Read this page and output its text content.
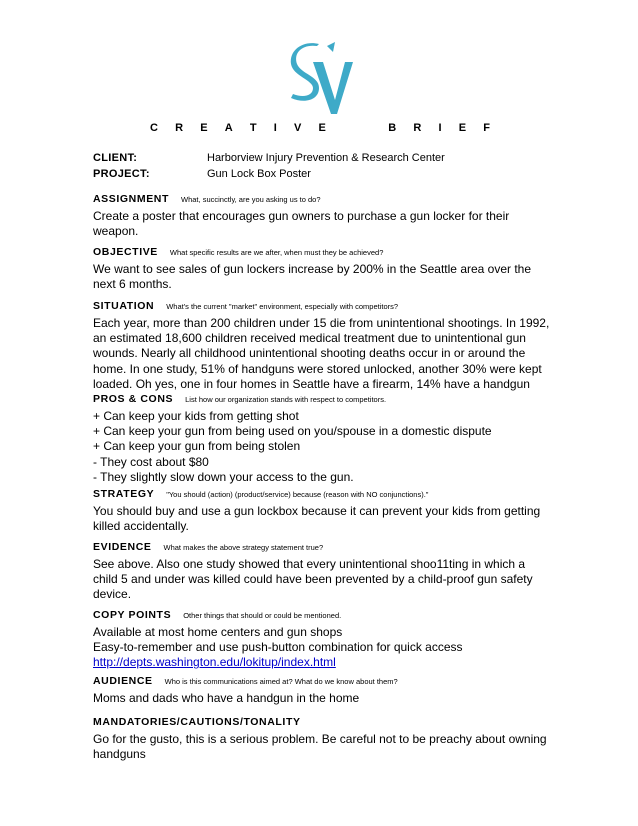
C R E A T I V E	B R I E F
CLIENT:	Harborview Injury Prevention & Research Center
PROJECT:	Gun Lock Box Poster
ASSIGNMENT What, succinctly, are you asking us to do?
Create a poster that encourages gun owners to purchase a gun locker for their
weapon.
OBJECTIVE What specific results are we after, when must they be achieved?
We want to see sales of gun lockers increase by 200% in the Seattle area over the
next 6 months.
SITUATION What's the current "market" environment, especially with competitors?
Each year, more than 200 children under 15 die from unintentional shootings. In 1992,
an estimated 18,600 children received medical treatment due to unintentional gun
wounds. Nearly all childhood unintentional shooting deaths occur in or around the
home. In one study, 51% of handguns were stored unlocked, another 30% were kept
loaded. Oh yes, one in four homes in Seattle have a firearm, 14% have a handgun
PROS & CONS List how our organization stands with respect to competitors.
+ Can keep your kids from getting shot
+ Can keep your gun from being used on you/spouse in a domestic dispute
+ Can keep your gun from being stolen
- They cost about $80
- They slightly slow down your access to the gun.
STRATEGY "You should (action) (product/service) because (reason with NO conjunctions)."
You should buy and use a gun lockbox because it can prevent your kids from getting
killed accidentally.
EVIDENCE What makes the above strategy statement true?
See above. Also one study showed that every unintentional shoo11ting in which a
child 5 and under was killed could have been prevented by a child-proof gun safety
device.
COPY POINTS Other things that should or could be mentioned.
Available at most home centers and gun shops
Easy-to-remember and use push-button combination for quick access
http://depts.washington.edu/lokitup/index.html
AUDIENCE Who is this communications aimed at? What do we know about them?
Moms and dads who have a handgun in the home
MANDATORIES/CAUTIONS/TONALITY
Go for the gusto, this is a serious problem. Be careful not to be preachy about owning
handguns
